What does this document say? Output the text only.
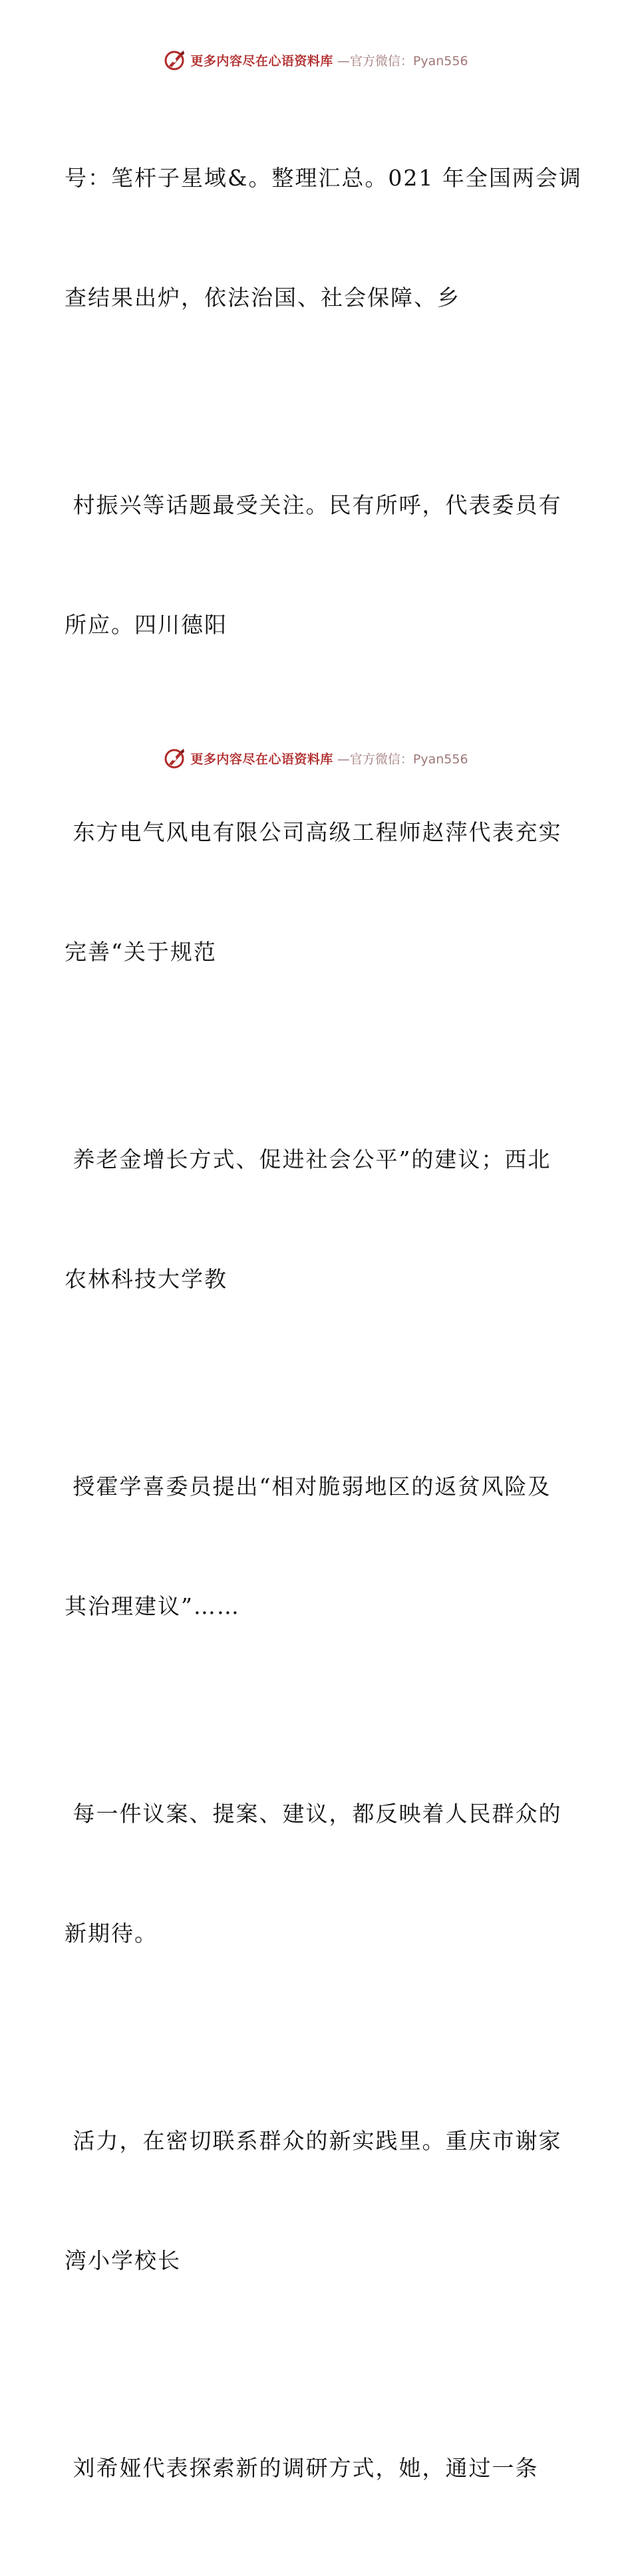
更多内容尽在心语资料库 —官方微信：Pyan556

号：笔杆子星域&。整理汇总。021 年全国两会调

查结果出炉，依法治国、社会保障、乡

村振兴等话题最受关注。民有所呼，代表委员有

所应。四川德阳

东方电气风电有限公司高级工程师赵萍代表充实

完善“关于规范

养老金增长方式、促进社会公平”的建议；西北

农林科技大学教

授霍学喜委员提出“相对脆弱地区的返贫风险及

其治理建议”……

每一件议案、提案、建议，都反映着人民群众的

新期待。

活力，在密切联系群众的新实践里。重庆市谢家

湾小学校长

刘希娅代表探索新的调研方式，她，通过一条

更多内容尽在心语资料库 —官方微信：Pyan556
